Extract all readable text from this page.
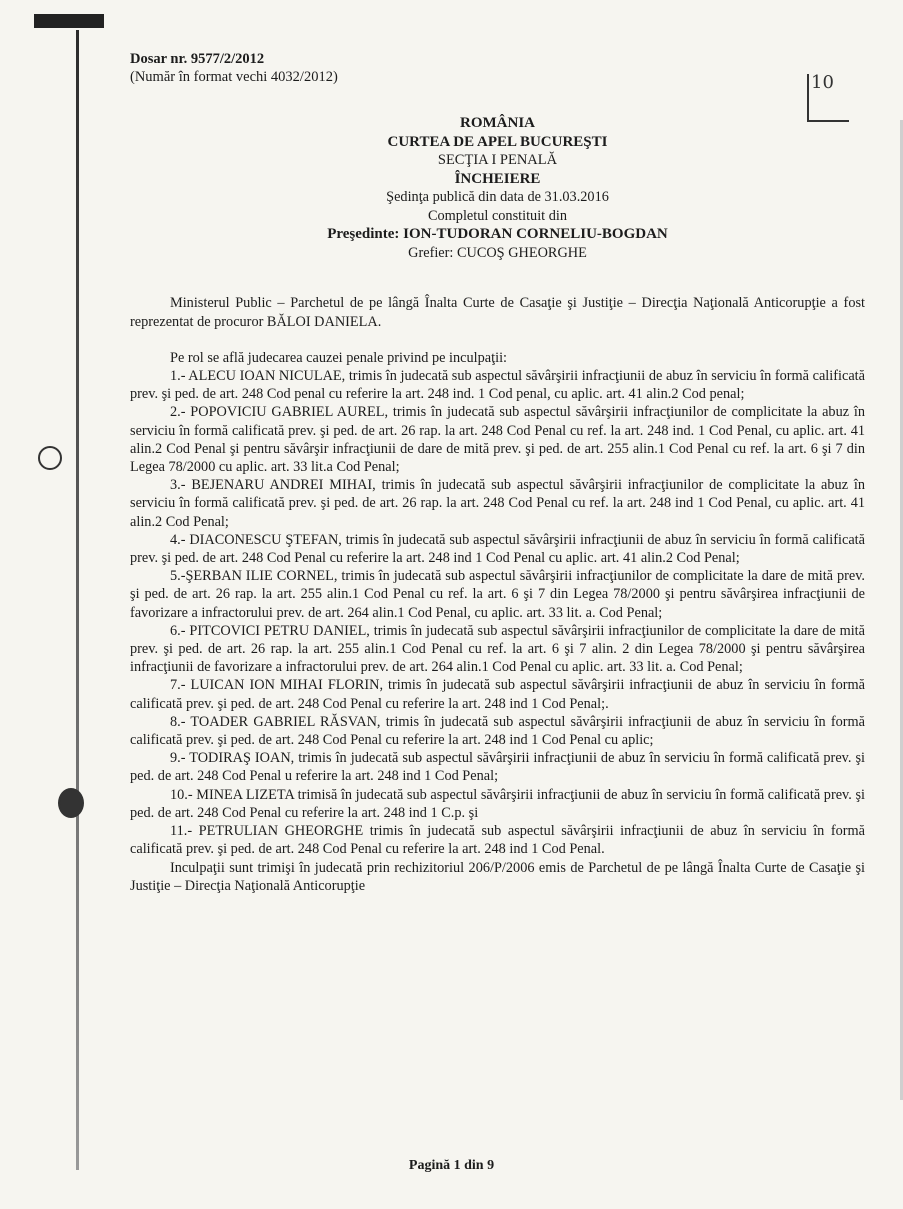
10
Dosar nr. 9577/2/2012
(Număr în format vechi 4032/2012)
ROMÂNIA
CURTEA DE APEL BUCUREŞTI
SECŢIA I PENALĂ
ÎNCHEIERE
Şedinţa publică din data de 31.03.2016
Completul constituit din
Preşedinte: ION-TUDORAN CORNELIU-BOGDAN
Grefier: CUCOŞ GHEORGHE

Ministerul Public – Parchetul de pe lângă Înalta Curte de Casaţie şi Justiţie – Direcţia Naţională Anticorupţie a fost reprezentat de procuror BĂLOI DANIELA.

Pe rol se află judecarea cauzei penale privind pe inculpaţii:

1.- ALECU IOAN NICULAE, trimis în judecată sub aspectul săvârşirii infracţiunii de abuz în serviciu în formă calificată prev. şi ped. de art. 248 Cod penal cu referire la art. 248 ind. 1 Cod penal, cu aplic. art. 41 alin.2 Cod penal;

2.- POPOVICIU GABRIEL AUREL, trimis în judecată sub aspectul săvârşirii infracţiunilor de complicitate la abuz în serviciu în formă calificată prev. şi ped. de art. 26 rap. la art. 248 Cod Penal cu ref. la art. 248 ind. 1 Cod Penal, cu aplic. art. 41 alin.2 Cod Penal şi pentru săvârşir infracţiunii de dare de mită prev. şi ped. de art. 255 alin.1 Cod Penal cu ref. la art. 6 şi 7 din Legea 78/2000 cu aplic. art. 33 lit.a Cod Penal;

3.- BEJENARU ANDREI MIHAI, trimis în judecată sub aspectul săvârşirii infracţiunilor de complicitate la abuz în serviciu în formă calificată prev. şi ped. de art. 26 rap. la art. 248 Cod Penal cu ref. la art. 248 ind 1 Cod Penal, cu aplic. art. 41 alin.2 Cod Penal;

4.- DIACONESCU ŞTEFAN, trimis în judecată sub aspectul săvârşirii infracţiunii de abuz în serviciu în formă calificată prev. şi ped. de art. 248 Cod Penal cu referire la art. 248 ind 1 Cod Penal cu aplic. art. 41 alin.2 Cod Penal;

5.-ŞERBAN ILIE CORNEL, trimis în judecată sub aspectul săvârşirii infracţiunilor de complicitate la dare de mită prev. şi ped. de art. 26 rap. la art. 255 alin.1 Cod Penal cu ref. la art. 6 şi 7 din Legea 78/2000 şi pentru săvârşirea infracţiunii de favorizare a infractorului prev. de art. 264 alin.1 Cod Penal, cu aplic. art. 33 lit. a. Cod Penal;

6.- PITCOVICI PETRU DANIEL, trimis în judecată sub aspectul săvârşirii infracţiunilor de complicitate la dare de mită prev. şi ped. de art. 26 rap. la art. 255 alin.1 Cod Penal cu ref. la art. 6 şi 7 alin. 2 din Legea 78/2000 şi pentru săvârşirea infracţiunii de favorizare a infractorului prev. de art. 264 alin.1 Cod Penal cu aplic. art. 33 lit. a. Cod Penal;

7.- LUICAN ION MIHAI FLORIN, trimis în judecată sub aspectul săvârşirii infracţiunii de abuz în serviciu în formă calificată prev. şi ped. de art. 248 Cod Penal cu referire la art. 248 ind 1 Cod Penal;.

8.- TOADER GABRIEL RĂSVAN, trimis în judecată sub aspectul săvârşirii infracţiunii de abuz în serviciu în formă calificată prev. şi ped. de art. 248 Cod Penal cu referire la art. 248 ind 1 Cod Penal cu aplic;

9.- TODIRAŞ IOAN, trimis în judecată sub aspectul săvârşirii infracţiunii de abuz în serviciu în formă calificată prev. şi ped. de art. 248 Cod Penal u referire la art. 248 ind 1 Cod Penal;

10.- MINEA LIZETA trimisă în judecată sub aspectul săvârşirii infracţiunii de abuz în serviciu în formă calificată prev. şi ped. de art. 248 Cod Penal cu referire la art. 248 ind 1 C.p. şi

11.- PETRULIAN GHEORGHE trimis în judecată sub aspectul săvârşirii infracţiunii de abuz în serviciu în formă calificată prev. şi ped. de art. 248 Cod Penal cu referire la art. 248 ind 1 Cod Penal.

Inculpaţii sunt trimişi în judecată prin rechizitoriul 206/P/2006 emis de Parchetul de pe lângă Înalta Curte de Casaţie şi Justiţie – Direcţia Naţională Anticorupţie

Pagină 1 din 9
